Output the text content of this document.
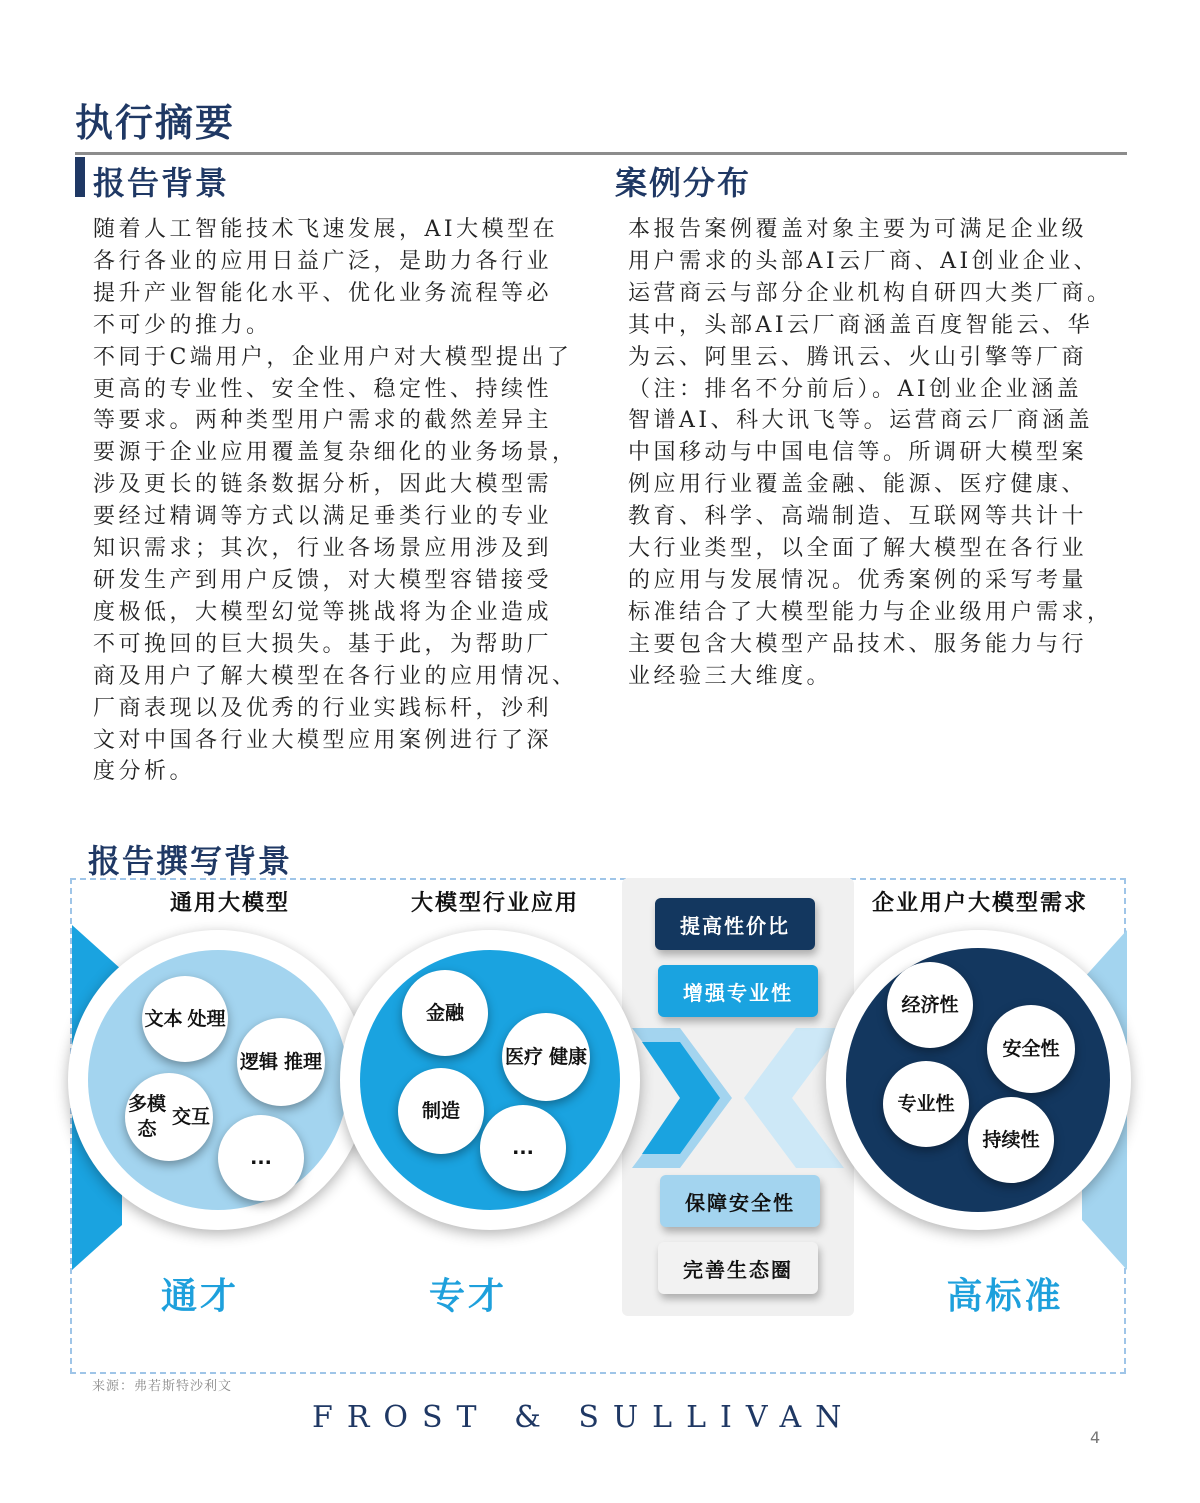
执行摘要
报告背景
随着人工智能技术飞速发展，AI大模型在
各行各业的应用日益广泛，是助力各行业
提升产业智能化水平、优化业务流程等必
不可少的推力。
不同于C端用户，企业用户对大模型提出了
更高的专业性、安全性、稳定性、持续性
等要求。两种类型用户需求的截然差异主
要源于企业应用覆盖复杂细化的业务场景，
涉及更长的链条数据分析，因此大模型需
要经过精调等方式以满足垂类行业的专业
知识需求；其次，行业各场景应用涉及到
研发生产到用户反馈，对大模型容错接受
度极低，大模型幻觉等挑战将为企业造成
不可挽回的巨大损失。基于此，为帮助厂
商及用户了解大模型在各行业的应用情况、
厂商表现以及优秀的行业实践标杆，沙利
文对中国各行业大模型应用案例进行了深
度分析。
案例分布
本报告案例覆盖对象主要为可满足企业级
用户需求的头部AI云厂商、AI创业企业、
运营商云与部分企业机构自研四大类厂商。
其中，头部AI云厂商涵盖百度智能云、华
为云、阿里云、腾讯云、火山引擎等厂商
（注：排名不分前后）。AI创业企业涵盖
智谱AI、科大讯飞等。运营商云厂商涵盖
中国移动与中国电信等。所调研大模型案
例应用行业覆盖金融、能源、医疗健康、
教育、科学、高端制造、互联网等共计十
大行业类型，以全面了解大模型在各行业
的应用与发展情况。优秀案例的采写考量
标准结合了大模型能力与企业级用户需求，
主要包含大模型产品技术、服务能力与行
业经验三大维度。
报告撰写背景
提高性价比
增强专业性
保障安全性
完善生态圈
通用大模型	大模型行业应用	企业用户大模型需求
文本 处理
逻辑 推理
多模态
交互
...
金融
医疗 健康
制造
...
经济性
安全性
专业性
持续性
通才	专才	高标准
来源：弗若斯特沙利文
FROST & SULLIVAN
4
